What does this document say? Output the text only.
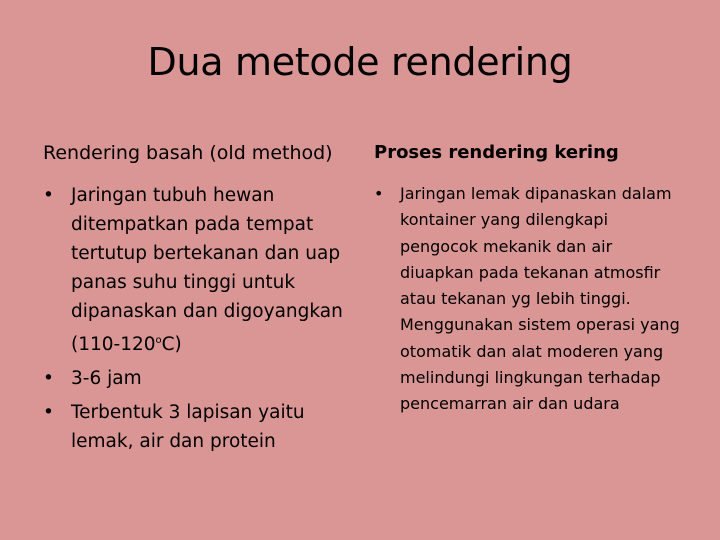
Dua metode rendering
Rendering basah (old method)
• Jaringan tubuh hewan ditempatkan pada tempat tertutup bertekanan dan uap panas suhu tinggi untuk dipanaskan dan digoyangkan (110-120$^o$C)
• 3-6 jam
• Terbentuk 3 lapisan yaitu lemak, air dan protein
Proses rendering kering
• Jaringan lemak dipanaskan dalam kontainer yang dilengkapi pengocok mekanik dan air diuapkan pada tekanan atmosfir atau tekanan yg lebih tinggi. Menggunakan sistem operasi yang otomatik dan alat moderen yang melindungi lingkungan terhadap pencemarran air dan udara
